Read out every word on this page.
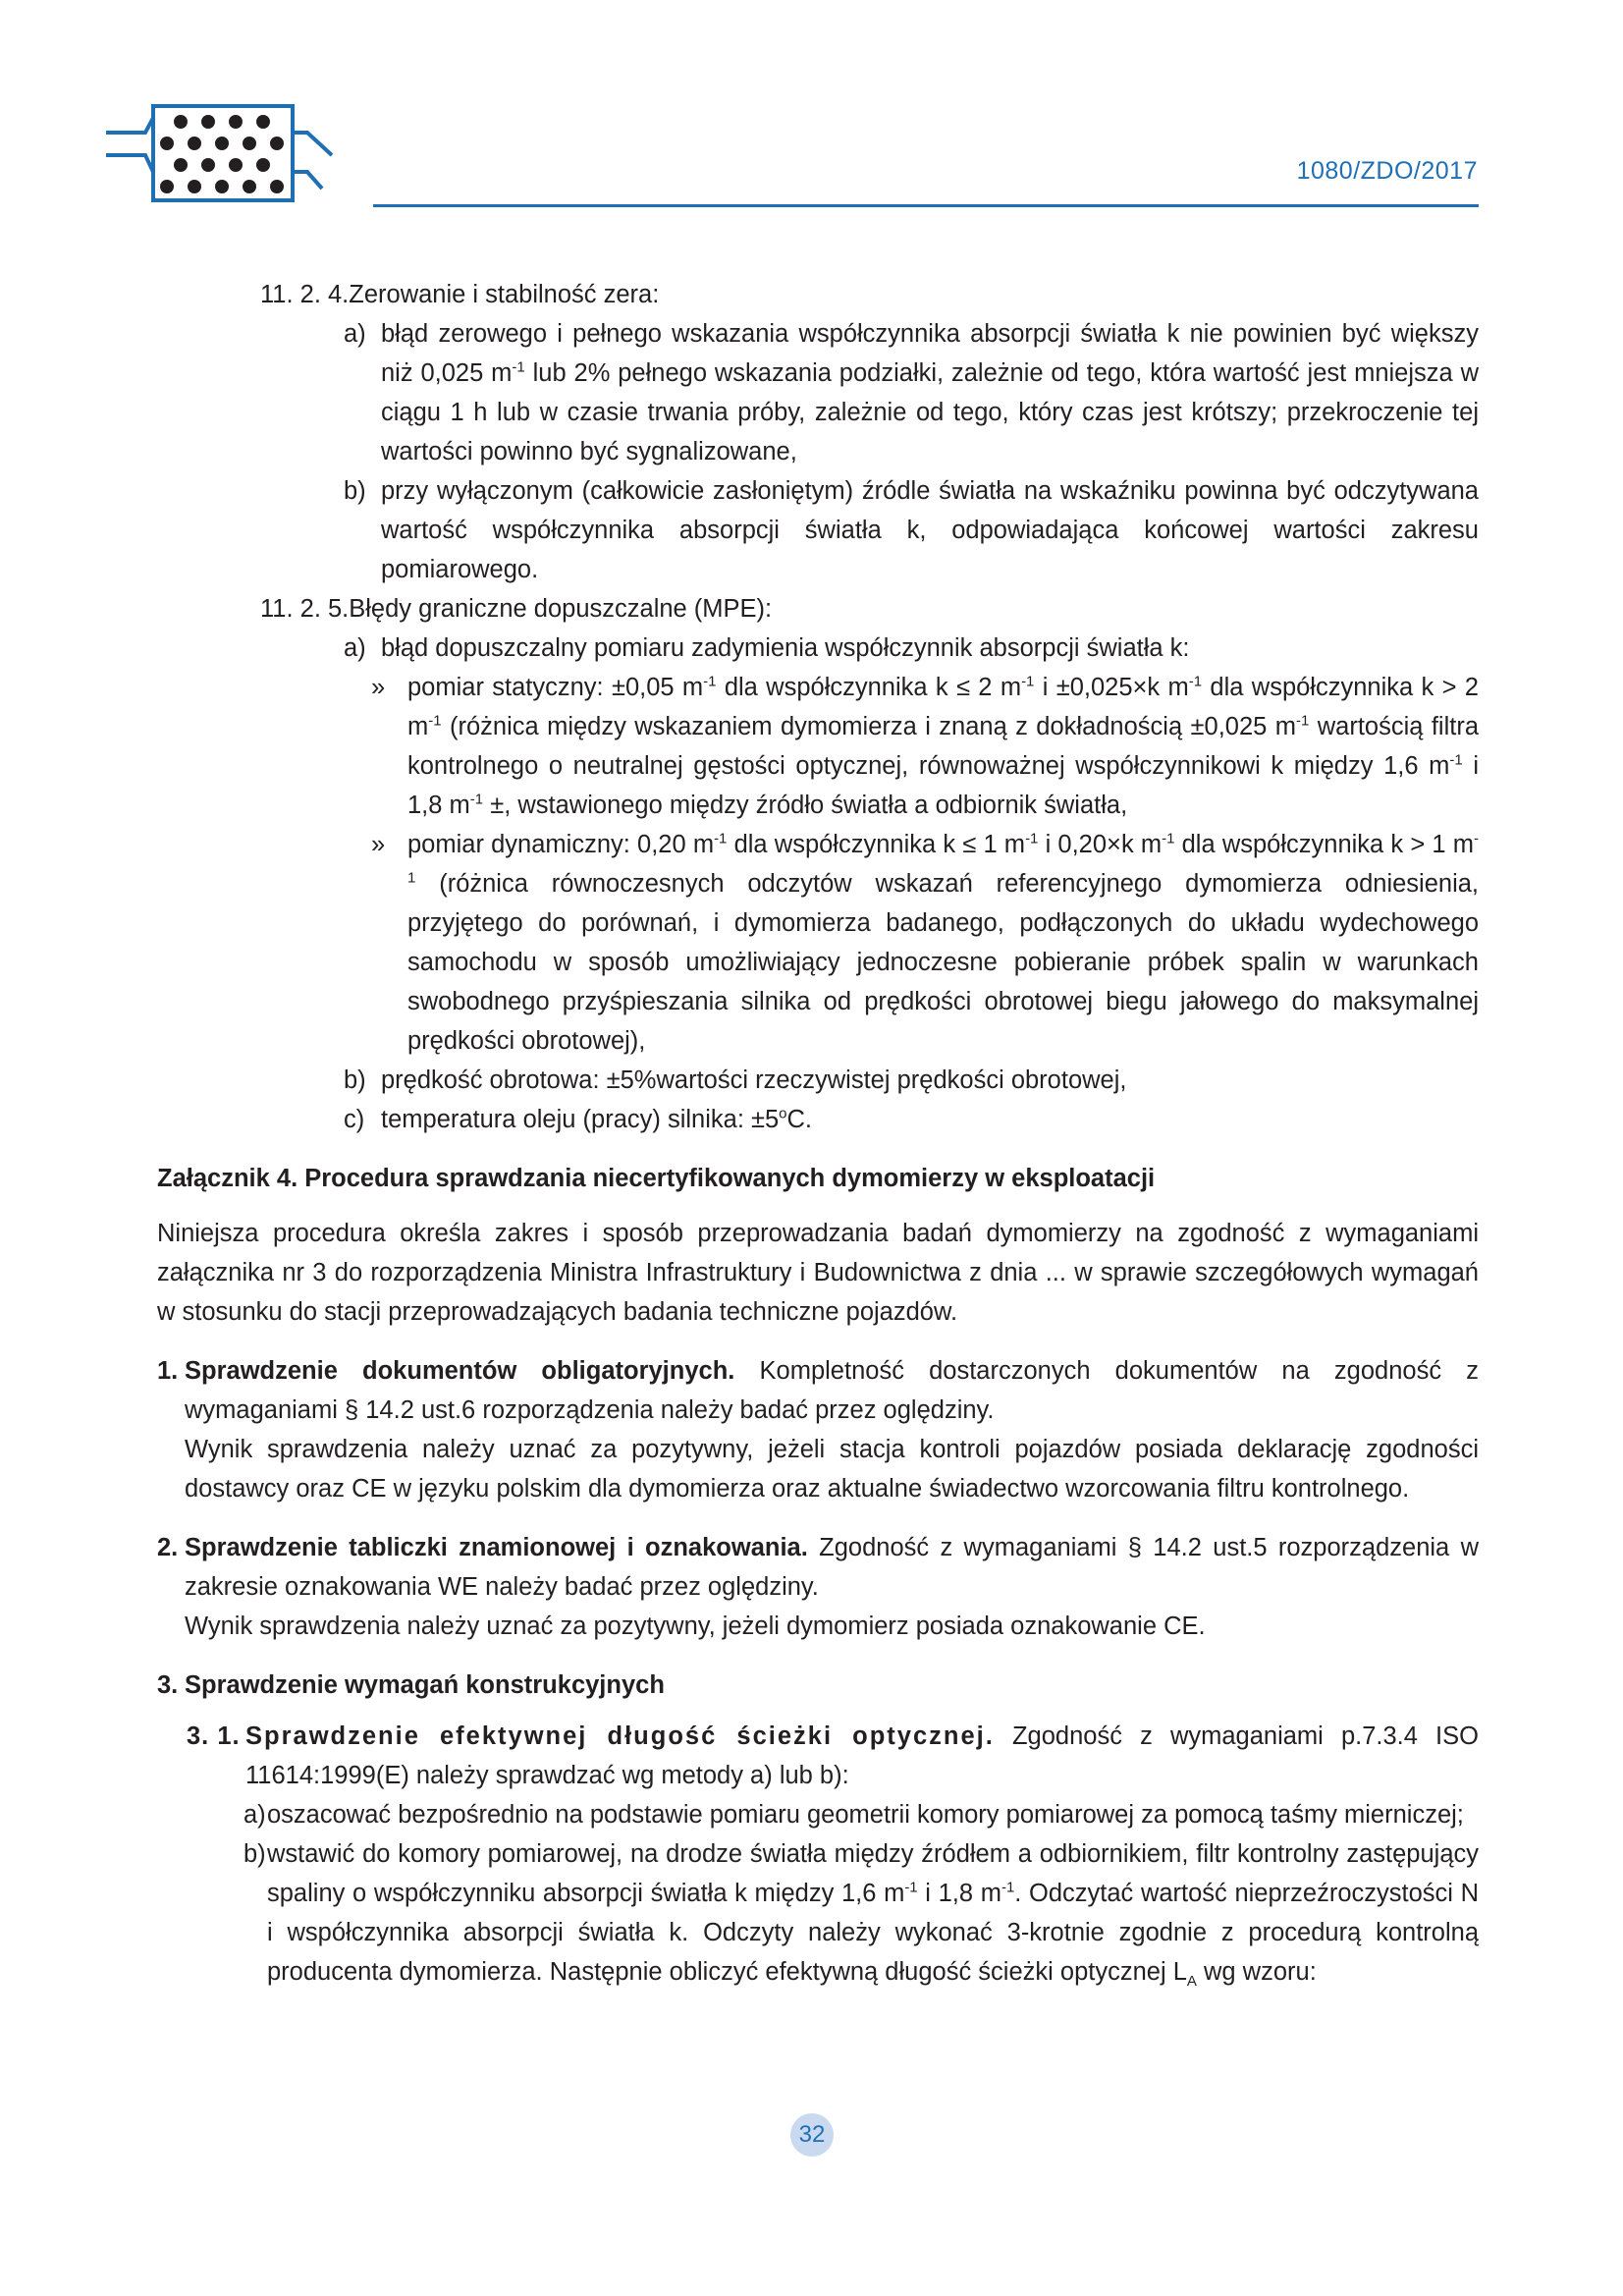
1080/ZDO/2017

11. 2. 4.Zerowanie i stabilność zera:

a) błąd zerowego i pełnego wskazania współczynnika absorpcji światła k nie powinien być większy niż 0,025 $m^{-1}$ lub 2% pełnego wskazania podziałki, zależnie od tego, która wartość jest mniejsza w ciągu 1 h lub w czasie trwania próby, zależnie od tego, który czas jest krótszy; przekroczenie tej wartości powinno być sygnalizowane,

b) przy wyłączonym (całkowicie zasłoniętym) źródle światła na wskaźniku powinna być odczytywana wartość współczynnika absorpcji światła k, odpowiadająca końcowej wartości zakresu pomiarowego.

11. 2. 5.Błędy graniczne dopuszczalne (MPE):

a) błąd dopuszczalny pomiaru zadymienia współczynnik absorpcji światła k:

» pomiar statyczny: ±0,05 $m^{-1}$ dla współczynnika k ≤ 2 $m^{-1}$ i ±0,025×k $m^{-1}$ dla współczynnika k > 2 $m^{-1}$ (różnica między wskazaniem dymomierza i znaną z dokładnością ±0,025 $m^{-1}$ wartością filtra kontrolnego o neutralnej gęstości optycznej, równoważnej współczynnikowi k między 1,6 $m^{-1}$ i 1,8 $m^{-1}$ ±, wstawionego między źródło światła a odbiornik światła,

» pomiar dynamiczny: 0,20 $m^{-1}$ dla współczynnika k ≤ 1 $m^{-1}$ i 0,20×k $m^{-1}$ dla współczynnika k > 1 $m^{-1}$ (różnica równoczesnych odczytów wskazań referencyjnego dymomierza odniesienia, przyjętego do porównań, i dymomierza badanego, podłączonych do układu wydechowego samochodu w sposób umożliwiający jednoczesne pobieranie próbek spalin w warunkach swobodnego przyśpieszania silnika od prędkości obrotowej biegu jałowego do maksymalnej prędkości obrotowej),

b) prędkość obrotowa: ±5%wartości rzeczywistej prędkości obrotowej,

c) temperatura oleju (pracy) silnika: $\pm 5^oC$.

Załącznik 4. Procedura sprawdzania niecertyfikowanych dymomierzy w eksploatacji

Niniejsza procedura określa zakres i sposób przeprowadzania badań dymomierzy na zgodność z wymaganiami załącznika nr 3 do rozporządzenia Ministra Infrastruktury i Budownictwa z dnia ... w sprawie szczegółowych wymagań w stosunku do stacji przeprowadzających badania techniczne pojazdów.

1. Sprawdzenie dokumentów obligatoryjnych. Kompletność dostarczonych dokumentów na zgodność z wymaganiami § 14.2 ust.6 rozporządzenia należy badać przez oględziny.
Wynik sprawdzenia należy uznać za pozytywny, jeżeli stacja kontroli pojazdów posiada deklarację zgodności dostawcy oraz CE w języku polskim dla dymomierza oraz aktualne świadectwo wzorcowania filtru kontrolnego.

2. Sprawdzenie tabliczki znamionowej i oznakowania. Zgodność z wymaganiami § 14.2 ust.5 rozporządzenia w zakresie oznakowania WE należy badać przez oględziny.
Wynik sprawdzenia należy uznać za pozytywny, jeżeli dymomierz posiada oznakowanie CE.

3. Sprawdzenie wymagań konstrukcyjnych

3. 1. Sprawdzenie efektywnej długość ścieżki optycznej. Zgodność z wymaganiami p.7.3.4 ISO 11614:1999(E) należy sprawdzać wg metody a) lub b):

a) oszacować bezpośrednio na podstawie pomiaru geometrii komory pomiarowej za pomocą taśmy mierniczej;

b) wstawić do komory pomiarowej, na drodze światła między źródłem a odbiornikiem, filtr kontrolny zastępujący spaliny o współczynniku absorpcji światła k między 1,6 $m^{-1}$ i 1,8 $m^{-1}$. Odczytać wartość nieprzeźroczystości N i współczynnika absorpcji światła k. Odczyty należy wykonać 3-krotnie zgodnie z procedurą kontrolną producenta dymomierza. Następnie obliczyć efektywną długość ścieżki optycznej $L_A$ wg wzoru:

32
